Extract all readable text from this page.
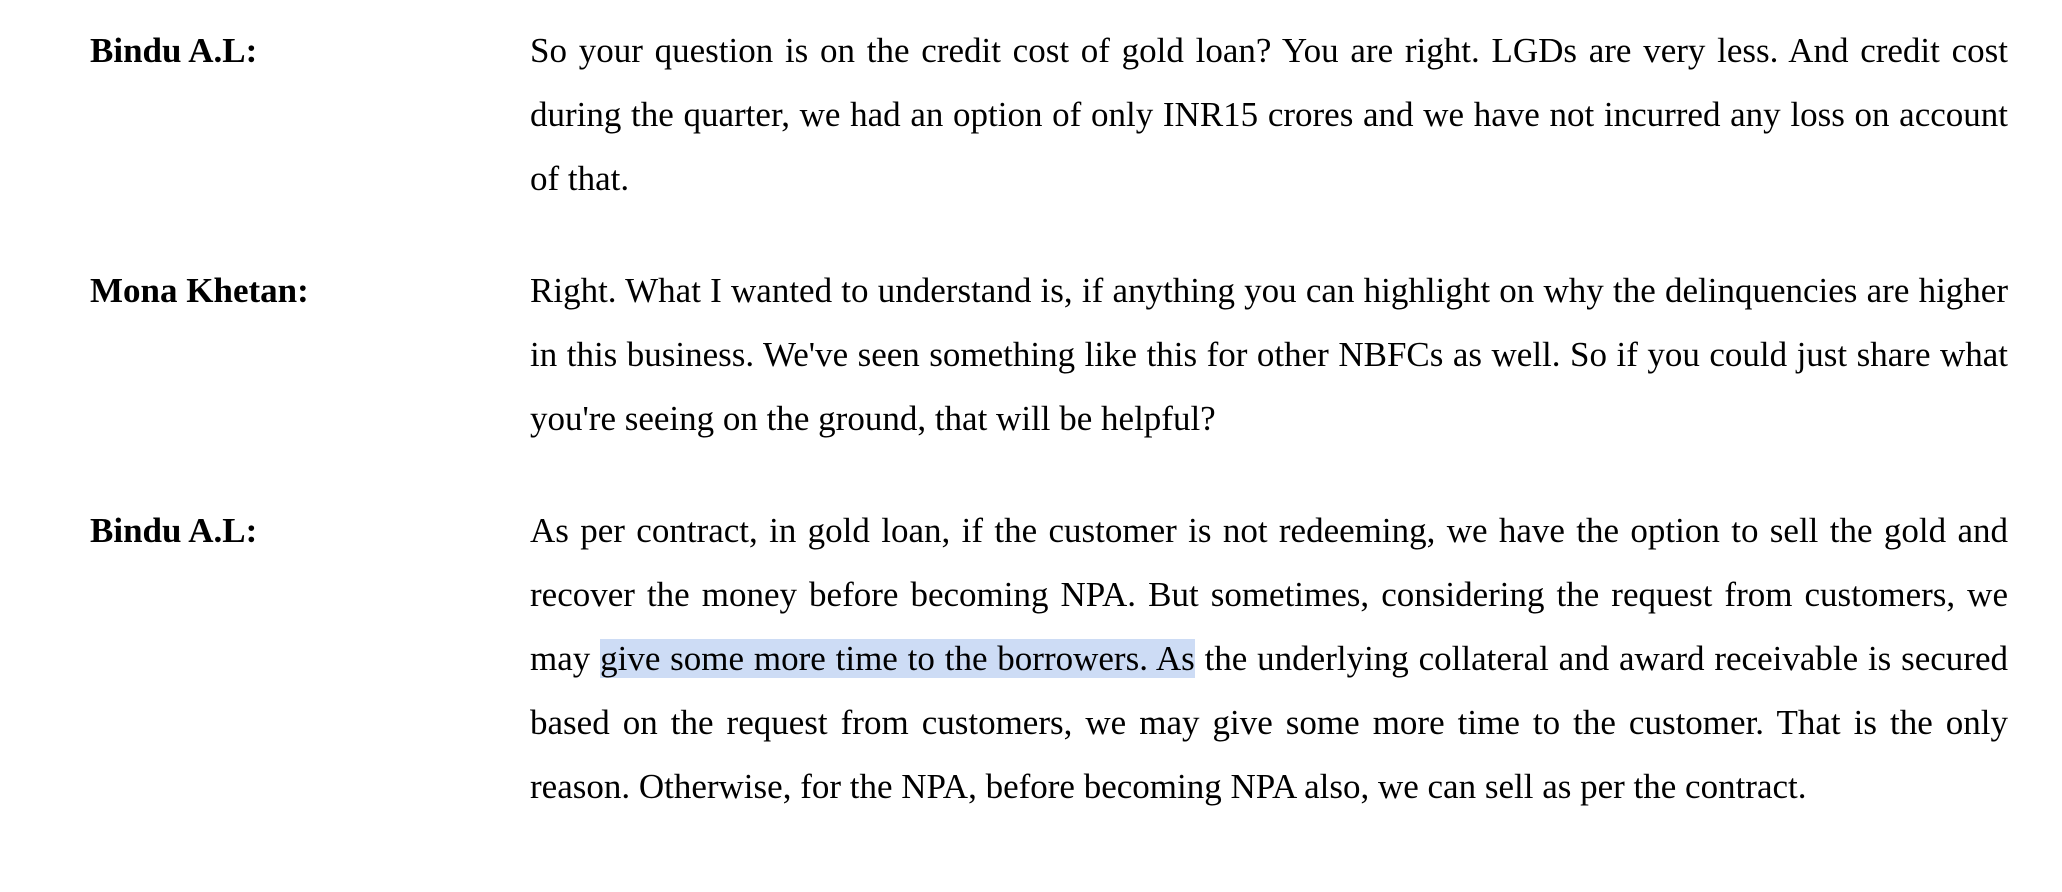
Bindu A.L:	So your question is on the credit cost of gold loan? You are right. LGDs are very less. And credit cost during the quarter, we had an option of only INR15 crores and we have not incurred any loss on account of that.
Mona Khetan:	Right. What I wanted to understand is, if anything you can highlight on why the delinquencies are higher in this business. We've seen something like this for other NBFCs as well. So if you could just share what you're seeing on the ground, that will be helpful?
Bindu A.L:	As per contract, in gold loan, if the customer is not redeeming, we have the option to sell the gold and recover the money before becoming NPA. But sometimes, considering the request from customers, we may give some more time to the borrowers. As the underlying collateral and award receivable is secured based on the request from customers, we may give some more time to the customer. That is the only reason. Otherwise, for the NPA, before becoming NPA also, we can sell as per the contract.
